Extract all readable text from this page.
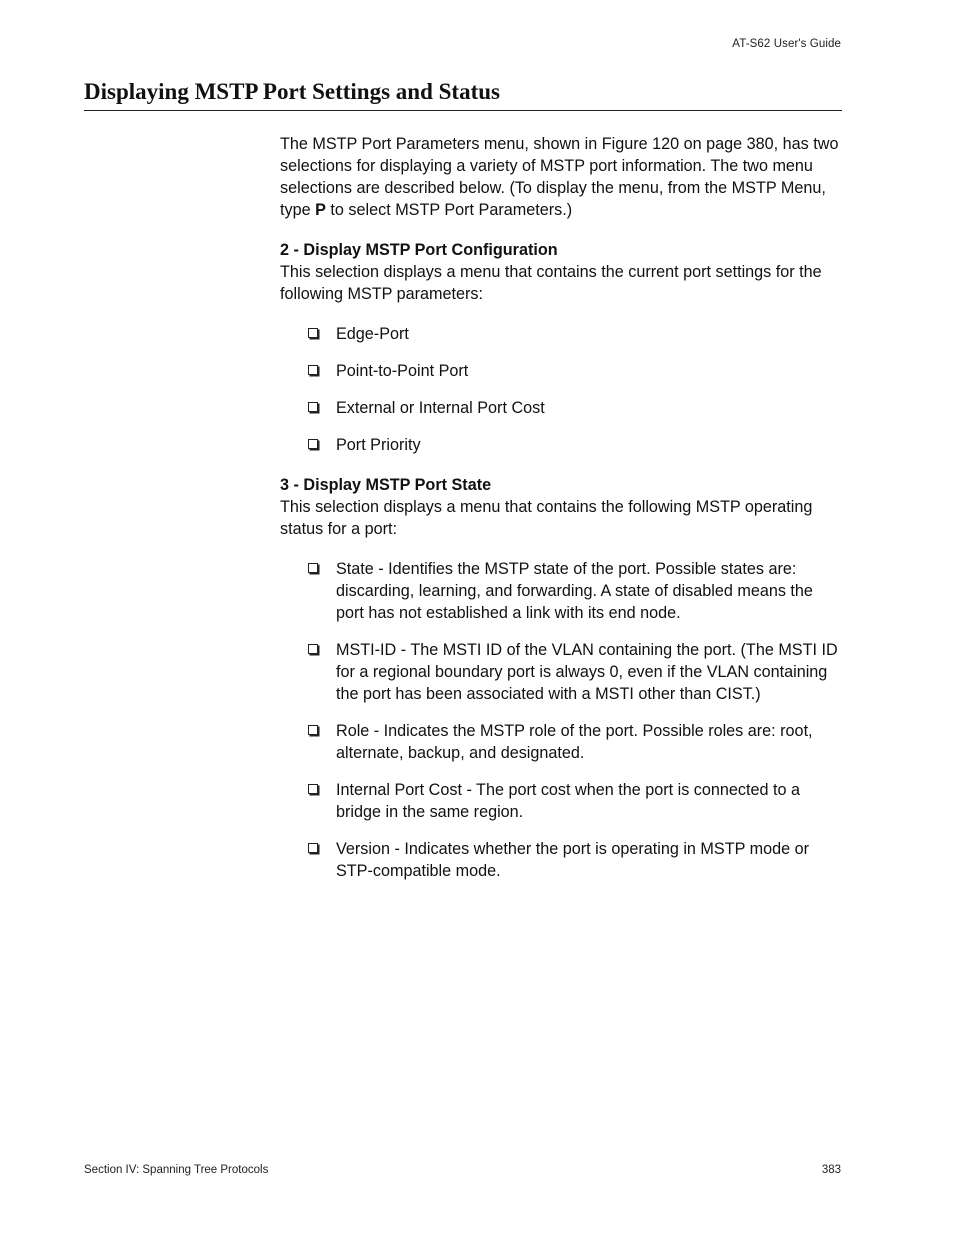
AT-S62 User's Guide
Displaying MSTP Port Settings and Status

The MSTP Port Parameters menu, shown in Figure 120 on page 380, has two selections for displaying a variety of MSTP port information. The two menu selections are described below. (To display the menu, from the MSTP Menu, type P to select MSTP Port Parameters.)

2 - Display MSTP Port Configuration

This selection displays a menu that contains the current port settings for the following MSTP parameters:

Edge-Port
Point-to-Point Port
External or Internal Port Cost
Port Priority

3 - Display MSTP Port State

This selection displays a menu that contains the following MSTP operating status for a port:

State - Identifies the MSTP state of the port. Possible states are: discarding, learning, and forwarding. A state of disabled means the port has not established a link with its end node.
MSTI-ID - The MSTI ID of the VLAN containing the port. (The MSTI ID for a regional boundary port is always 0, even if the VLAN containing the port has been associated with a MSTI other than CIST.)
Role - Indicates the MSTP role of the port. Possible roles are: root, alternate, backup, and designated.
Internal Port Cost - The port cost when the port is connected to a bridge in the same region.
Version - Indicates whether the port is operating in MSTP mode or STP-compatible mode.
Section IV: Spanning Tree Protocols	383
